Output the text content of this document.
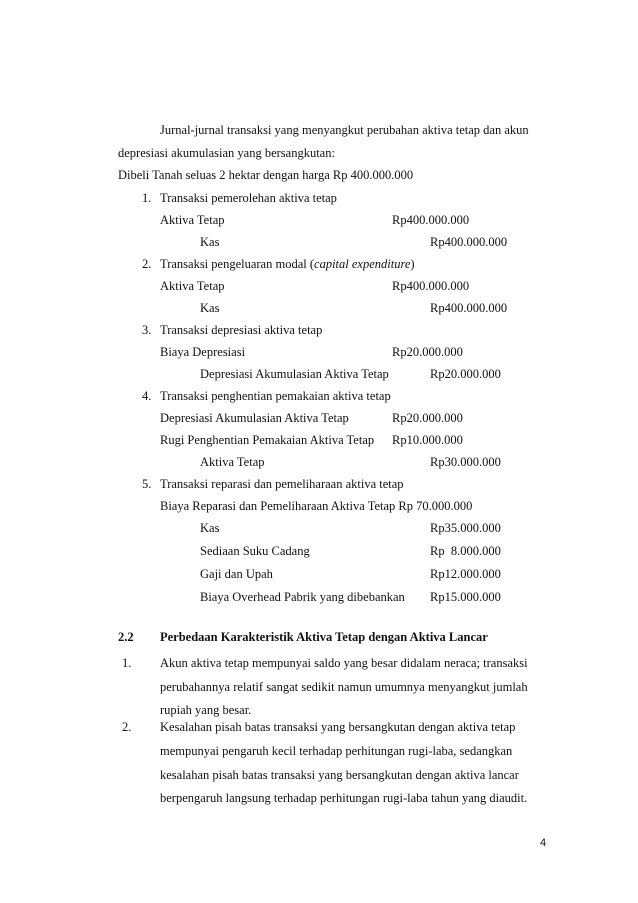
Jurnal-jurnal transaksi yang menyangkut perubahan aktiva tetap dan akun
depresiasi akumulasian yang bersangkutan:
Dibeli Tanah seluas 2 hektar dengan harga Rp 400.000.000
1. Transaksi pemerolehan aktiva tetap
Aktiva Tetap	Rp400.000.000
Kas	Rp400.000.000
2. Transaksi pengeluaran modal (capital expenditure)
Aktiva Tetap	Rp400.000.000
Kas	Rp400.000.000
3. Transaksi depresiasi aktiva tetap
Biaya Depresiasi	Rp20.000.000
Depresiasi Akumulasian Aktiva Tetap	Rp20.000.000
4. Transaksi penghentian pemakaian aktiva tetap
Depresiasi Akumulasian Aktiva Tetap	Rp20.000.000
Rugi Penghentian Pemakaian Aktiva Tetap Rp10.000.000
Aktiva Tetap	Rp30.000.000
5. Transaksi reparasi dan pemeliharaan aktiva tetap
Biaya Reparasi dan Pemeliharaan Aktiva Tetap Rp 70.000.000
Kas	Rp35.000.000
Sediaan Suku Cadang	Rp  8.000.000
Gaji dan Upah	Rp12.000.000
Biaya Overhead Pabrik yang dibebankan Rp15.000.000
2.2 Perbedaan Karakteristik Aktiva Tetap dengan Aktiva Lancar
1. Akun aktiva tetap mempunyai saldo yang besar didalam neraca; transaksi
perubahannya relatif sangat sedikit namun umumnya menyangkut jumlah
rupiah yang besar.
2. Kesalahan pisah batas transaksi yang bersangkutan dengan aktiva tetap
mempunyai pengaruh kecil terhadap perhitungan rugi-laba, sedangkan
kesalahan pisah batas transaksi yang bersangkutan dengan aktiva lancar
berpengaruh langsung terhadap perhitungan rugi-laba tahun yang diaudit.
4
